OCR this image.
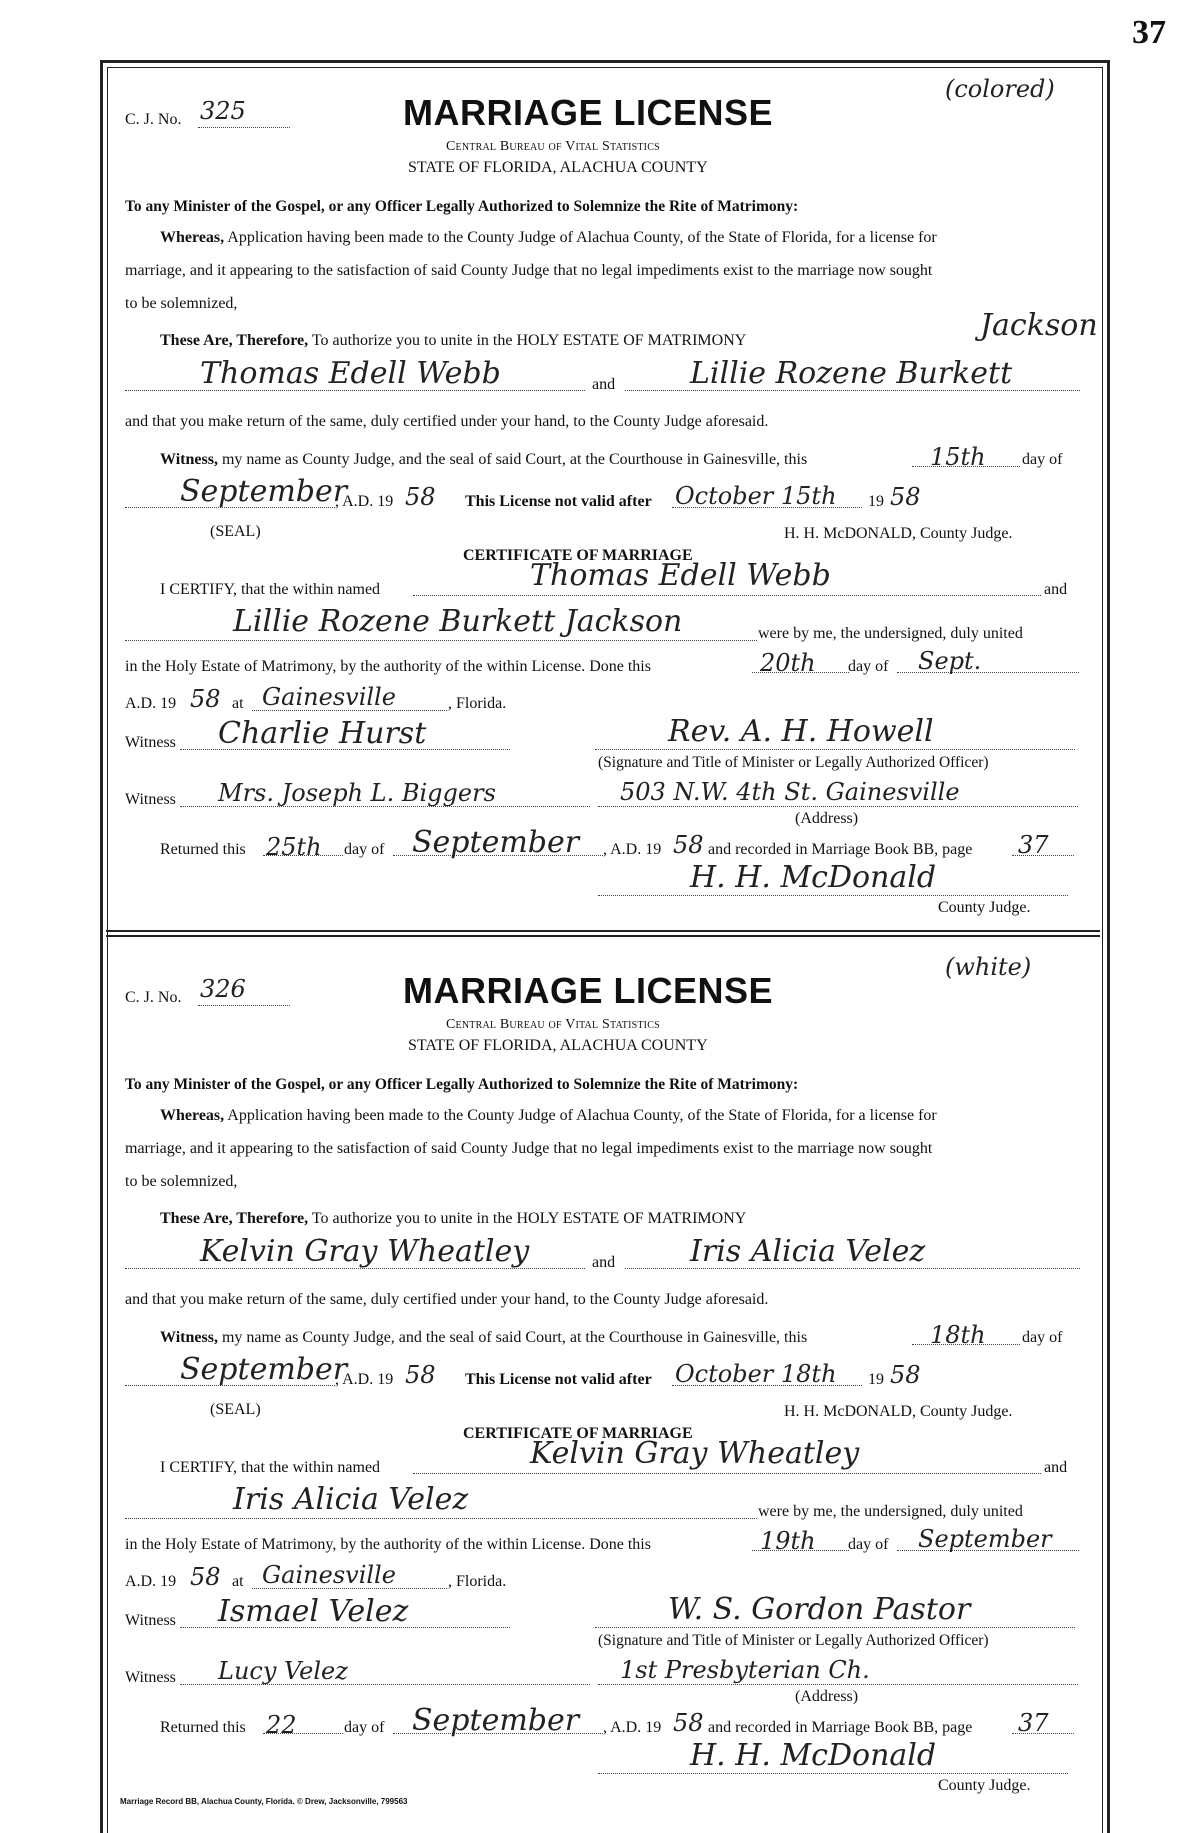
37
C. J. No. 325
(colored)
MARRIAGE LICENSE
Central Bureau of Vital Statistics
STATE OF FLORIDA, ALACHUA COUNTY
To any Minister of the Gospel, or any Officer Legally Authorized to Solemnize the Rite of Matrimony:
Whereas, Application having been made to the County Judge of Alachua County, of the State of Florida, for a license for
marriage, and it appearing to the satisfaction of said County Judge that no legal impediments exist to the marriage now sought
to be solemnized,
These Are, Therefore, To authorize you to unite in the HOLY ESTATE OF MATRIMONY	Jackson
Thomas Edell Webb	and Lillie Rozene Burkett
and that you make return of the same, duly certified under your hand, to the County Judge aforesaid.
Witness, my name as County Judge, and the seal of said Court, at the Courthouse in Gainesville, this	15th day of
September
, A.D. 19 58 This License not valid after October 15th 19 58
(SEAL)	H. H. McDONALD, County Judge.
CERTIFICATE OF MARRIAGE
I CERTIFY, that the within named	Thomas Edell Webb	and
Lillie Rozene Burkett Jackson	were by me, the undersigned, duly united
in the Holy Estate of Matrimony, by the authority of the within License. Done this	20th day of Sept.
A.D. 19 58 at Gainesville	, Florida.
Witness Charlie Hurst	Rev. A. H. Howell
(Signature and Title of Minister or Legally Authorized Officer)
Witness Mrs. Joseph L. Biggers	503 N.W. 4th St. Gainesville
(Address)
Returned this 25th day of September , A.D. 19 58 and recorded in Marriage Book BB, page 37
H. H. McDonald
County Judge.
C. J. No. 326
(white)
MARRIAGE LICENSE
Central Bureau of Vital Statistics
STATE OF FLORIDA, ALACHUA COUNTY
To any Minister of the Gospel, or any Officer Legally Authorized to Solemnize the Rite of Matrimony:
Whereas, Application having been made to the County Judge of Alachua County, of the State of Florida, for a license for
marriage, and it appearing to the satisfaction of said County Judge that no legal impediments exist to the marriage now sought
to be solemnized,
These Are, Therefore, To authorize you to unite in the HOLY ESTATE OF MATRIMONY
Kelvin Gray Wheatley	and Iris Alicia Velez
and that you make return of the same, duly certified under your hand, to the County Judge aforesaid.
Witness, my name as County Judge, and the seal of said Court, at the Courthouse in Gainesville, this	18th day of
September
, A.D. 19 58 This License not valid after October 18th 19 58
(SEAL)	H. H. McDONALD, County Judge.
CERTIFICATE OF MARRIAGE
I CERTIFY, that the within named	Kelvin Gray Wheatley	and
Iris Alicia Velez	were by me, the undersigned, duly united
in the Holy Estate of Matrimony, by the authority of the within License. Done this	19th day of September
A.D. 19 58 at Gainesville	, Florida.
Witness Ismael Velez	W. S. Gordon Pastor
(Signature and Title of Minister or Legally Authorized Officer)
Witness Lucy Velez	1st Presbyterian Ch.
(Address)
Returned this 22	day of September , A.D. 19 58 and recorded in Marriage Book BB, page 37
H. H. McDonald
County Judge.
Marriage Record BB, Alachua County, Florida. © Drew, Jacksonville, 799563
